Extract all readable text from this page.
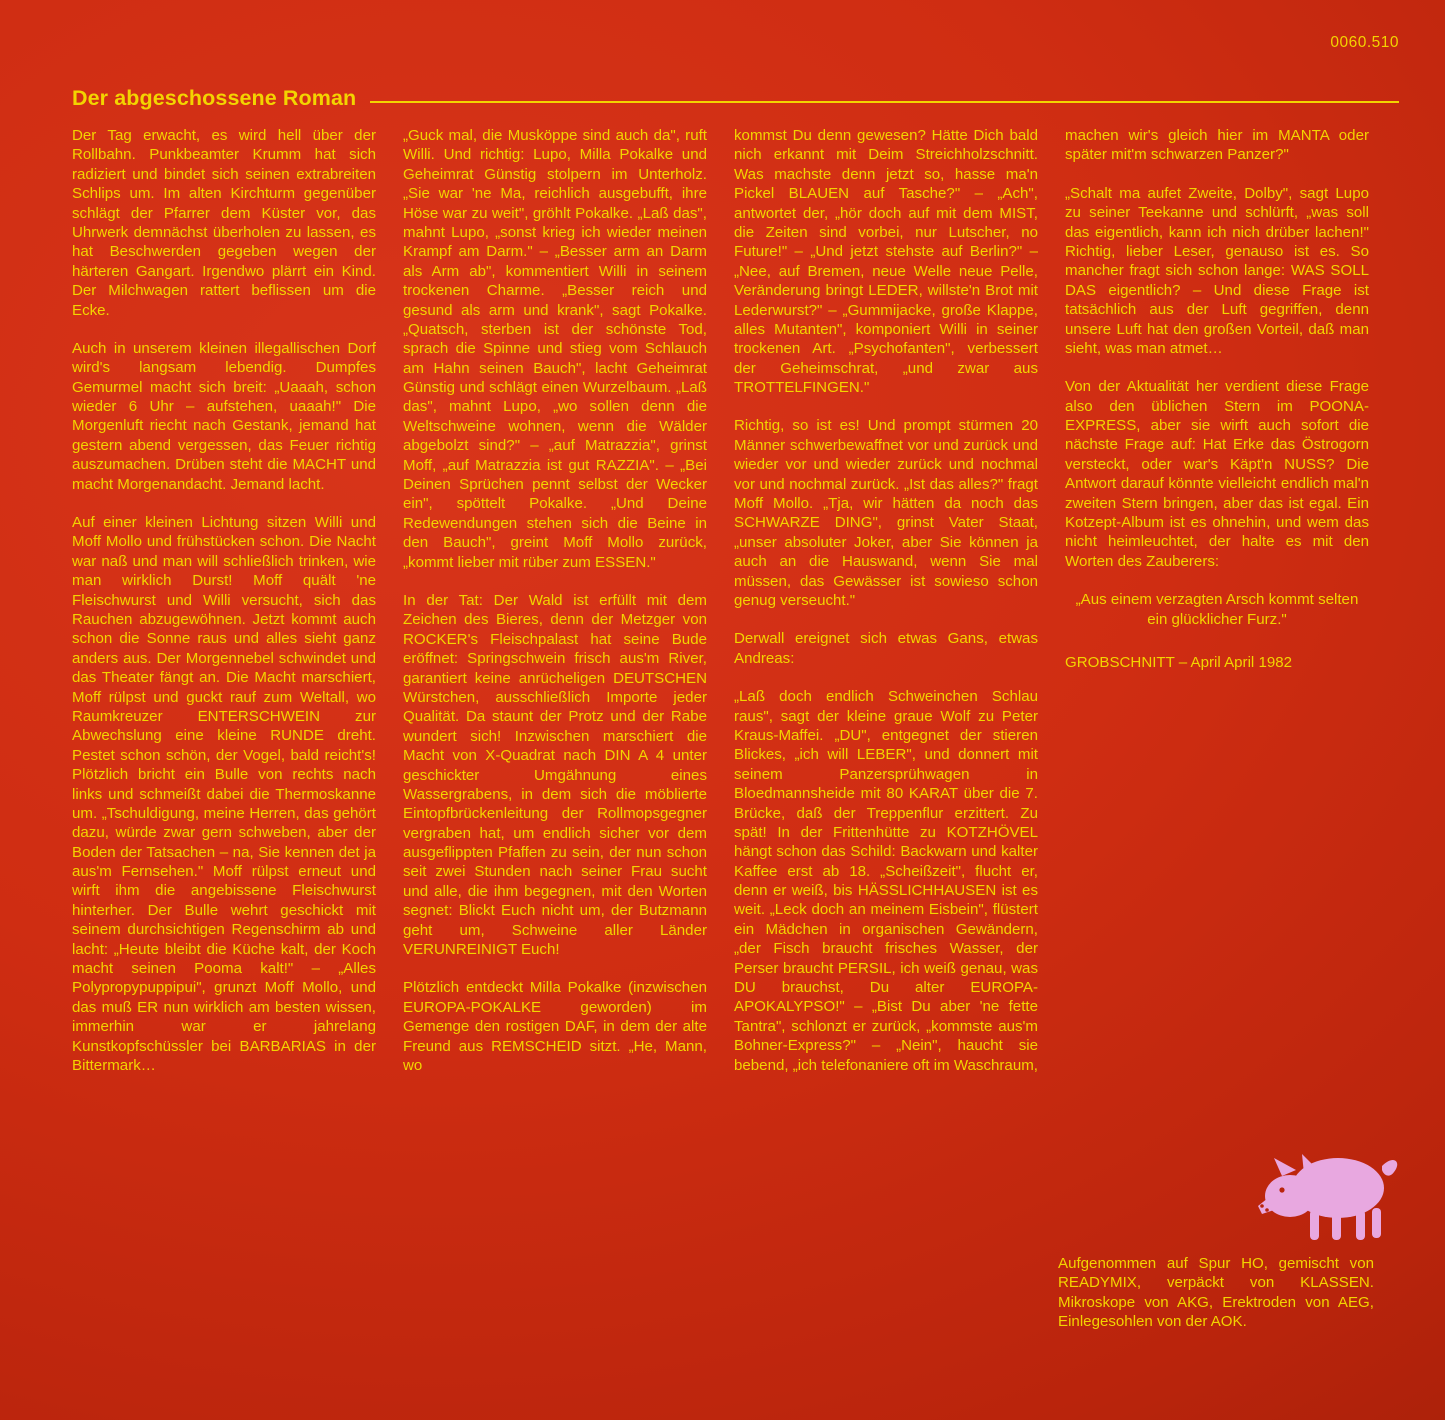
0060.510
Der abgeschossene Roman

Der Tag erwacht, es wird hell über der Rollbahn. Punkbeamter Krumm hat sich radiziert und bindet sich seinen extrabreiten Schlips um. Im alten Kirchturm gegenüber schlägt der Pfarrer dem Küster vor, das Uhrwerk demnächst überholen zu lassen, es hat Beschwerden gegeben wegen der härteren Gangart. Irgendwo plärrt ein Kind. Der Milchwagen rattert beflissen um die Ecke.

Auch in unserem kleinen illegallischen Dorf wird's langsam lebendig. Dumpfes Gemurmel macht sich breit: „Uaaah, schon wieder 6 Uhr – aufstehen, uaaah!" Die Morgenluft riecht nach Gestank, jemand hat gestern abend vergessen, das Feuer richtig auszumachen. Drüben steht die MACHT und macht Morgenandacht. Jemand lacht.

Auf einer kleinen Lichtung sitzen Willi und Moff Mollo und frühstücken schon. Die Nacht war naß und man will schließlich trinken, wie man wirklich Durst! Moff quält 'ne Fleischwurst und Willi versucht, sich das Rauchen abzugewöhnen. Jetzt kommt auch schon die Sonne raus und alles sieht ganz anders aus. Der Morgennebel schwindet und das Theater fängt an. Die Macht marschiert, Moff rülpst und guckt rauf zum Weltall, wo Raumkreuzer ENTERSCHWEIN zur Abwechslung eine kleine RUNDE dreht. Pestet schon schön, der Vogel, bald reicht's! Plötzlich bricht ein Bulle von rechts nach links und schmeißt dabei die Thermoskanne um. „Tschuldigung, meine Herren, das gehört dazu, würde zwar gern schweben, aber der Boden der Tatsachen – na, Sie kennen det ja aus'm Fernsehen." Moff rülpst erneut und wirft ihm die angebissene Fleischwurst hinterher. Der Bulle wehrt geschickt mit seinem durchsichtigen Regenschirm ab und lacht: „Heute bleibt die Küche kalt, der Koch macht seinen Pooma kalt!" – „Alles Polypropypuppipui", grunzt Moff Mollo, und das muß ER nun wirklich am besten wissen, immerhin war er jahrelang Kunstkopfschüssler bei BARBARIAS in der Bittermark…

„Guck mal, die Musköppe sind auch da", ruft Willi. Und richtig: Lupo, Milla Pokalke und Geheimrat Günstig stolpern im Unterholz. „Sie war 'ne Ma, reichlich ausgebufft, ihre Höse war zu weit", gröhlt Pokalke. „Laß das", mahnt Lupo, „sonst krieg ich wieder meinen Krampf am Darm." – „Besser arm an Darm als Arm ab", kommentiert Willi in seinem trockenen Charme. „Besser reich und gesund als arm und krank", sagt Pokalke. „Quatsch, sterben ist der schönste Tod, sprach die Spinne und stieg vom Schlauch am Hahn seinen Bauch", lacht Geheimrat Günstig und schlägt einen Wurzelbaum. „Laß das", mahnt Lupo, „wo sollen denn die Weltschweine wohnen, wenn die Wälder abgebolzt sind?" – „auf Matrazzia", grinst Moff, „auf Matrazzia ist gut RAZZIA". – „Bei Deinen Sprüchen pennt selbst der Wecker ein", spöttelt Pokalke. „Und Deine Redewendungen stehen sich die Beine in den Bauch", greint Moff Mollo zurück, „kommt lieber mit rüber zum ESSEN."

In der Tat: Der Wald ist erfüllt mit dem Zeichen des Bieres, denn der Metzger von ROCKER's Fleischpalast hat seine Bude eröffnet: Springschwein frisch aus'm River, garantiert keine anrücheligen DEUTSCHEN Würstchen, ausschließlich Importe jeder Qualität. Da staunt der Protz und der Rabe wundert sich! Inzwischen marschiert die Macht von X-Quadrat nach DIN A 4 unter geschickter Umgähnung eines Wassergrabens, in dem sich die möblierte Eintopfbrückenleitung der Rollmopsgegner vergraben hat, um endlich sicher vor dem ausgeflippten Pfaffen zu sein, der nun schon seit zwei Stunden nach seiner Frau sucht und alle, die ihm begegnen, mit den Worten segnet: Blickt Euch nicht um, der Butzmann geht um, Schweine aller Länder VERUNREINIGT Euch!

Plötzlich entdeckt Milla Pokalke (inzwischen EUROPA-POKALKE geworden) im Gemenge den rostigen DAF, in dem der alte Freund aus REMSCHEID sitzt. „He, Mann, wo

kommst Du denn gewesen? Hätte Dich bald nich erkannt mit Deim Streichholzschnitt. Was machste denn jetzt so, hasse ma'n Pickel BLAUEN auf Tasche?" – „Ach", antwortet der, „hör doch auf mit dem MIST, die Zeiten sind vorbei, nur Lutscher, no Future!" – „Und jetzt stehste auf Berlin?" – „Nee, auf Bremen, neue Welle neue Pelle, Veränderung bringt LEDER, willste'n Brot mit Lederwurst?" – „Gummijacke, große Klappe, alles Mutanten", komponiert Willi in seiner trockenen Art. „Psychofanten", verbessert der Geheimschrat, „und zwar aus TROTTELFINGEN."

Richtig, so ist es! Und prompt stürmen 20 Männer schwerbewaffnet vor und zurück und wieder vor und wieder zurück und nochmal vor und nochmal zurück. „Ist das alles?" fragt Moff Mollo. „Tja, wir hätten da noch das SCHWARZE DING", grinst Vater Staat, „unser absoluter Joker, aber Sie können ja auch an die Hauswand, wenn Sie mal müssen, das Gewässer ist sowieso schon genug verseucht."

Derwall ereignet sich etwas Gans, etwas Andreas:

„Laß doch endlich Schweinchen Schlau raus", sagt der kleine graue Wolf zu Peter Kraus-Maffei. „DU", entgegnet der stieren Blickes, „ich will LEBER", und donnert mit seinem Panzersprühwagen in Bloedmannsheide mit 80 KARAT über die 7. Brücke, daß der Treppenflur erzittert. Zu spät! In der Frittenhütte zu KOTZHÖVEL hängt schon das Schild: Backwarn und kalter Kaffee erst ab 18. „Scheißzeit", flucht er, denn er weiß, bis HÄSSLICHHAUSEN ist es weit. „Leck doch an meinem Eisbein", flüstert ein Mädchen in organischen Gewändern, „der Fisch braucht frisches Wasser, der Perser braucht PERSIL, ich weiß genau, was DU brauchst, Du alter EUROPA-APOKALYPSO!" – „Bist Du aber 'ne fette Tantra", schlonzt er zurück, „kommste aus'm Bohner-Express?" – „Nein", haucht sie bebend, „ich telefonaniere oft im Waschraum,

machen wir's gleich hier im MANTA oder später mit'm schwarzen Panzer?"

„Schalt ma aufet Zweite, Dolby", sagt Lupo zu seiner Teekanne und schlürft, „was soll das eigentlich, kann ich nich drüber lachen!" Richtig, lieber Leser, genauso ist es. So mancher fragt sich schon lange: WAS SOLL DAS eigentlich? – Und diese Frage ist tatsächlich aus der Luft gegriffen, denn unsere Luft hat den großen Vorteil, daß man sieht, was man atmet…

Von der Aktualität her verdient diese Frage also den üblichen Stern im POONA-EXPRESS, aber sie wirft auch sofort die nächste Frage auf: Hat Erke das Östrogorn versteckt, oder war's Käpt'n NUSS? Die Antwort darauf könnte vielleicht endlich mal'n zweiten Stern bringen, aber das ist egal. Ein Kotzept-Album ist es ohnehin, und wem das nicht heimleuchtet, der halte es mit den Worten des Zauberers:

„Aus einem verzagten Arsch kommt selten ein glücklicher Furz."

GROBSCHNITT – April April 1982

Aufgenommen auf Spur HO, gemischt von READYMIX, verpäckt von KLASSEN. Mikroskope von AKG, Erektroden von AEG, Einlegesohlen von der AOK.
